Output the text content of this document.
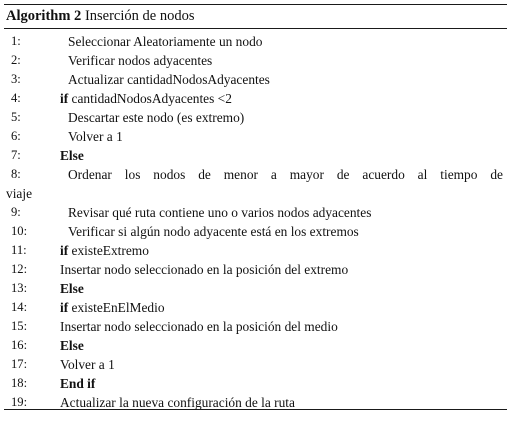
Algorithm 2 Inserción de nodos
1:	Seleccionar Aleatoriamente un nodo
2:	Verificar nodos adyacentes
3:	Actualizar cantidadNodosAdyacentes
4:	if cantidadNodosAdyacentes <2
5:	Descartar este nodo (es extremo)
6:	Volver a 1
7:	Else
8:	Ordenar los nodos de menor a mayor de acuerdo al tiempo de
viaje
9:	Revisar qué ruta contiene uno o varios nodos adyacentes
10:	Verificar si algún nodo adyacente está en los extremos
11:	if existeExtremo
12:	Insertar nodo seleccionado en la posición del extremo
13:	Else
14:	if existeEnElMedio
15:	Insertar nodo seleccionado en la posición del medio
16:	Else
17:	Volver a 1
18:	End if
19:	Actualizar la nueva configuración de la ruta
